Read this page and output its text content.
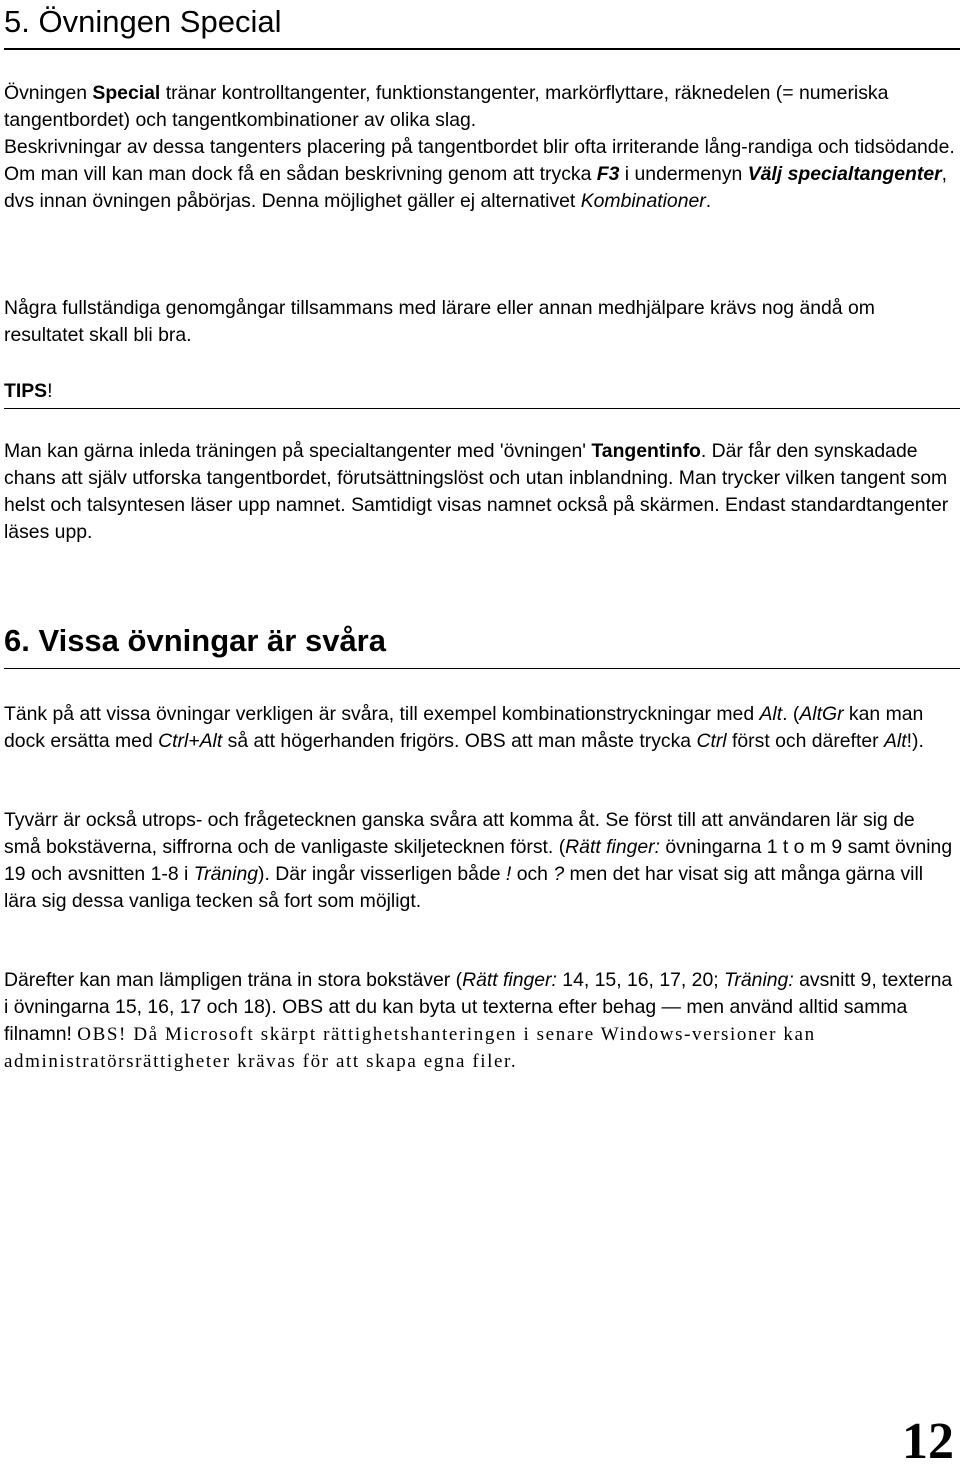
5. Övningen Special

Övningen Special tränar kontrolltangenter, funktionstangenter, markörflyttare, räknedelen (= numeriska tangentbordet) och tangentkombinationer av olika slag.

Beskrivningar av dessa tangenters placering på tangentbordet blir ofta irriterande lång-randiga och tidsödande. Om man vill kan man dock få en sådan beskrivning genom att trycka F3 i undermenyn Välj specialtangenter, dvs innan övningen påbörjas. Denna möjlighet gäller ej alternativet Kombinationer.

Några fullständiga genomgångar tillsammans med lärare eller annan medhjälpare krävs nog ändå om resultatet skall bli bra.

TIPS!

Man kan gärna inleda träningen på specialtangenter med 'övningen' Tangentinfo. Där får den synskadade chans att själv utforska tangentbordet, förutsättningslöst och utan inblandning. Man trycker vilken tangent som helst och talsyntesen läser upp namnet. Samtidigt visas namnet också på skärmen. Endast standardtangenter läses upp.

6. Vissa övningar är svåra

Tänk på att vissa övningar verkligen är svåra, till exempel kombinationstryckningar med Alt. (AltGr kan man dock ersätta med Ctrl+Alt så att högerhanden frigörs. OBS att man måste trycka Ctrl först och därefter Alt!).

Tyvärr är också utrops- och frågetecknen ganska svåra att komma åt. Se först till att användaren lär sig de små bokstäverna, siffrorna och de vanligaste skiljetecknen först. (Rätt finger: övningarna 1 t o m 9 samt övning 19 och avsnitten 1-8 i Träning). Där ingår visserligen både ! och ? men det har visat sig att många gärna vill lära sig dessa vanliga tecken så fort som möjligt.

Därefter kan man lämpligen träna in stora bokstäver (Rätt finger: 14, 15, 16, 17, 20; Träning: avsnitt 9, texterna i övningarna 15, 16, 17 och 18). OBS att du kan byta ut texterna efter behag — men använd alltid samma filnamn! OBS! Då Microsoft skärpt rättighetshanteringen i senare Windows-versioner kan administratörsrättigheter krävas för att skapa egna filer.

12
